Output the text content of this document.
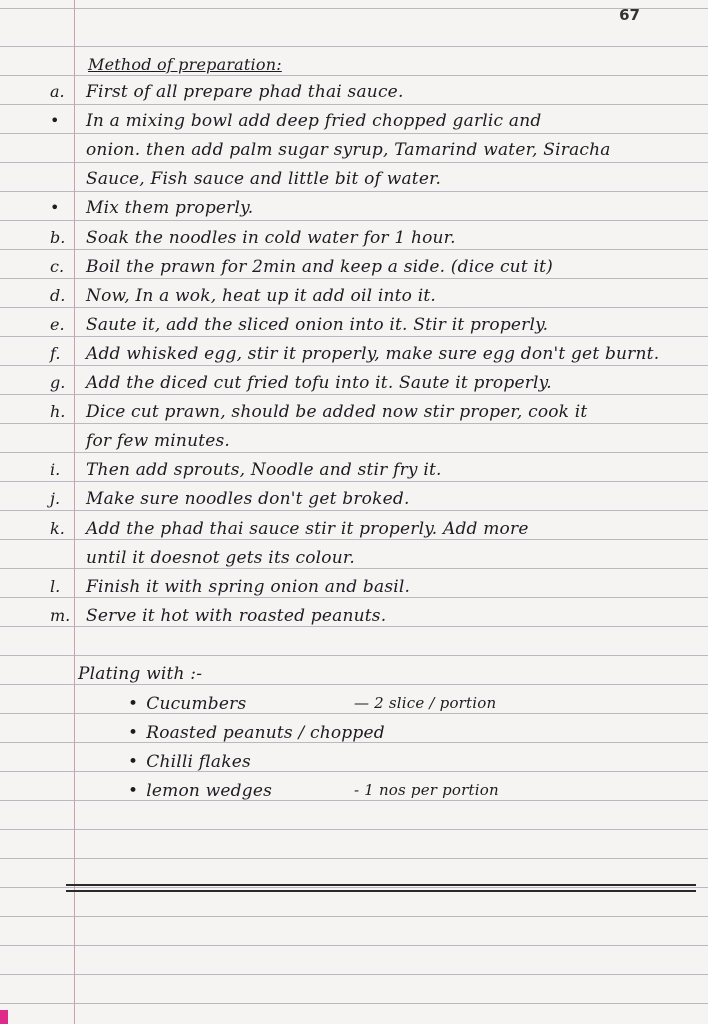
67
Method of preparation:
a.	First of all prepare phad thai sauce.
•	In a mixing bowl add deep fried chopped garlic and
onion. then add palm sugar syrup, Tamarind water, Siracha
Sauce, Fish sauce and little bit of water.
•	Mix them properly.
b.	Soak the noodles in cold water for 1 hour.
c.	Boil the prawn for 2min and keep a side. (dice cut it)
d.	Now, In a wok, heat up it add oil into it.
e.	Saute it, add the sliced onion into it. Stir it properly.
f.	Add whisked egg, stir it properly, make sure egg don't get burnt.
g.	Add the diced cut fried tofu into it. Saute it properly.
h.	Dice cut prawn, should be added now stir proper, cook it
for few minutes.
i.	Then add sprouts, Noodle and stir fry it.
j.	Make sure noodles don't get broked.
k.	Add the phad thai sauce stir it properly. Add more
until it doesnot gets its colour.
l.	Finish it with spring onion and basil.
m. Serve it hot with roasted peanuts.
Plating with :-
• Cucumbers	— 2 slice / portion
• Roasted peanuts / chopped
• Chilli flakes
• lemon wedges	- 1 nos per portion
